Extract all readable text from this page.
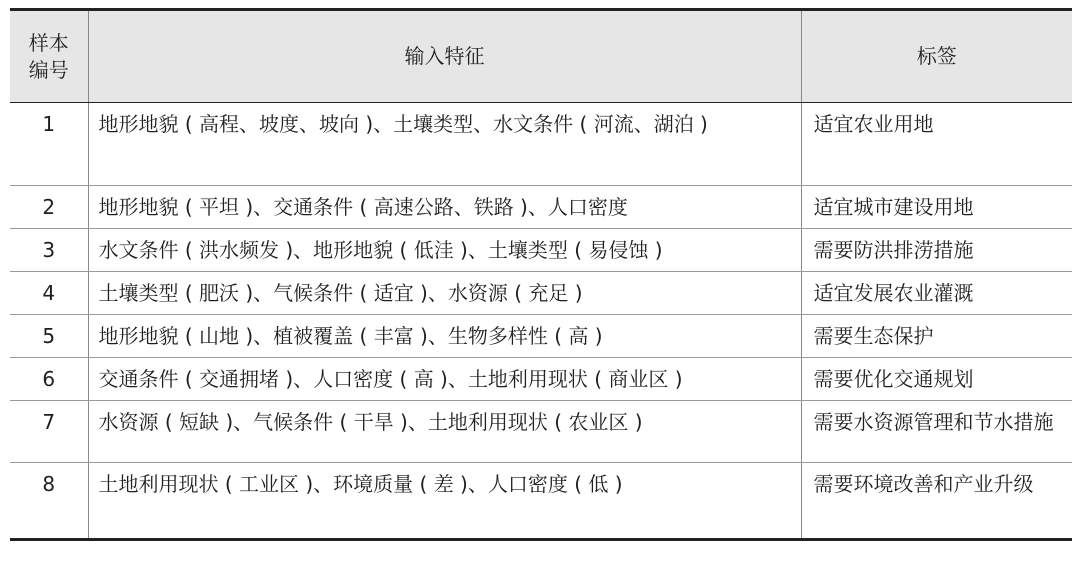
样本编号	输入特征	标签
1	地形地貌 ( 高程、坡度、坡向 )、土壤类型、水文条件 ( 河流、湖泊 )	适宜农业用地
2	地形地貌 ( 平坦 )、交通条件 ( 高速公路、铁路 )、人口密度	适宜城市建设用地
3	水文条件 ( 洪水频发 )、地形地貌 ( 低洼 )、土壤类型 ( 易侵蚀 )	需要防洪排涝措施
4	土壤类型 ( 肥沃 )、气候条件 ( 适宜 )、水资源 ( 充足 )	适宜发展农业灌溉
5	地形地貌 ( 山地 )、植被覆盖 ( 丰富 )、生物多样性 ( 高 )	需要生态保护
6	交通条件 ( 交通拥堵 )、人口密度 ( 高 )、土地利用现状 ( 商业区 )	需要优化交通规划
7	水资源 ( 短缺 )、气候条件 ( 干旱 )、土地利用现状 ( 农业区 )	需要水资源管理和节水措施
8	土地利用现状 ( 工业区 )、环境质量 ( 差 )、人口密度 ( 低 )	需要环境改善和产业升级
